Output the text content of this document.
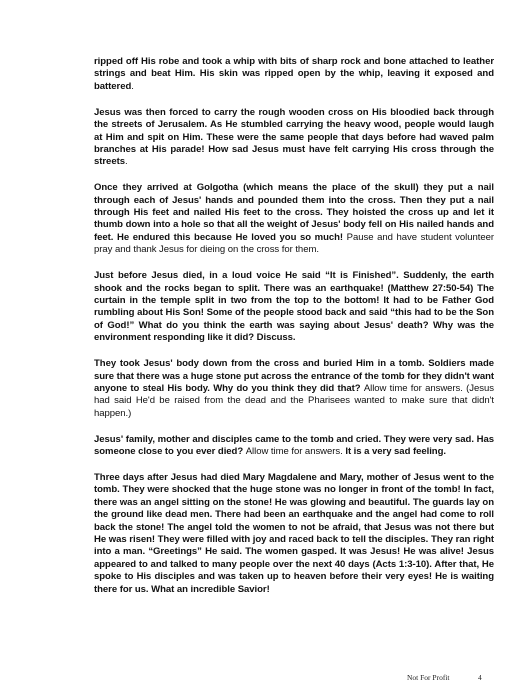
ripped off His robe and took a whip with bits of sharp rock and bone attached to leather strings and beat Him. His skin was ripped open by the whip, leaving it exposed and battered.

Jesus was then forced to carry the rough wooden cross on His bloodied back through the streets of Jerusalem. As He stumbled carrying the heavy wood, people would laugh at Him and spit on Him. These were the same people that days before had waved palm branches at His parade! How sad Jesus must have felt carrying His cross through the streets.

Once they arrived at Golgotha (which means the place of the skull) they put a nail through each of Jesus' hands and pounded them into the cross. Then they put a nail through His feet and nailed His feet to the cross. They hoisted the cross up and let it thumb down into a hole so that all the weight of Jesus' body fell on His nailed hands and feet. He endured this because He loved you so much! Pause and have student volunteer pray and thank Jesus for dieing on the cross for them.

Just before Jesus died, in a loud voice He said “It is Finished”. Suddenly, the earth shook and the rocks began to split. There was an earthquake! (Matthew 27:50-54) The curtain in the temple split in two from the top to the bottom! It had to be Father God rumbling about His Son! Some of the people stood back and said “this had to be the Son of God!” What do you think the earth was saying about Jesus' death? Why was the environment responding like it did? Discuss.

They took Jesus' body down from the cross and buried Him in a tomb. Soldiers made sure that there was a huge stone put across the entrance of the tomb for they didn't want anyone to steal His body. Why do you think they did that? Allow time for answers. (Jesus had said He'd be raised from the dead and the Pharisees wanted to make sure that didn't happen.)

Jesus' family, mother and disciples came to the tomb and cried. They were very sad. Has someone close to you ever died? Allow time for answers. It is a very sad feeling.

Three days after Jesus had died Mary Magdalene and Mary, mother of Jesus went to the tomb. They were shocked that the huge stone was no longer in front of the tomb! In fact, there was an angel sitting on the stone! He was glowing and beautiful. The guards lay on the ground like dead men. There had been an earthquake and the angel had come to roll back the stone! The angel told the women to not be afraid, that Jesus was not there but He was risen! They were filled with joy and raced back to tell the disciples. They ran right into a man. “Greetings” He said. The women gasped. It was Jesus! He was alive! Jesus appeared to and talked to many people over the next 40 days (Acts 1:3-10). After that, He spoke to His disciples and was taken up to heaven before their very eyes! He is waiting there for us. What an incredible Savior!

Not For Profit	4
